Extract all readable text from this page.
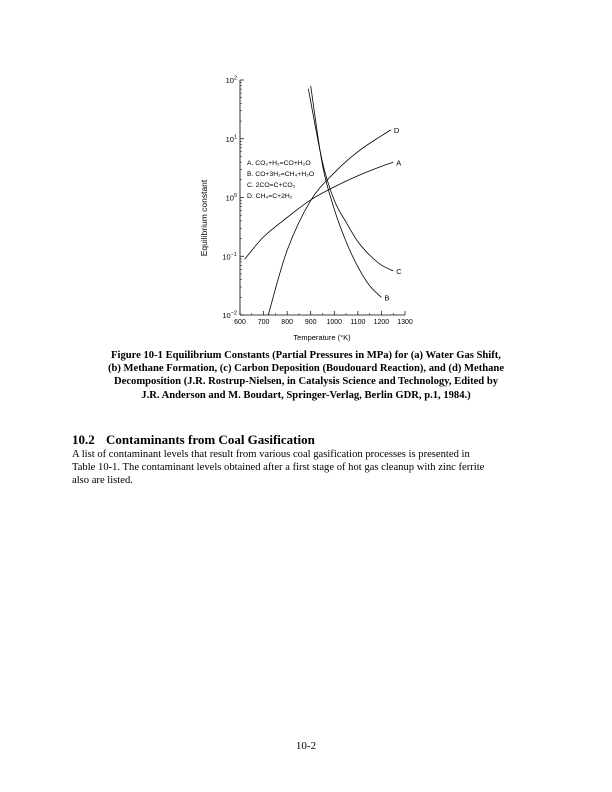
$10^2$
$10^1$
$10^0$
$10^{-1}$
$10^{-2}$
600 700 800 900 1000 1100 1200 1300
A
B
C
D
A. CO₂+H₂=CO+H₂O
B. CO+3H₂=CH₄+H₂O
C. 2CO=C+CO₂
D. CH₄=C+2H₂
Equilibrium constant
Temperature (°K)
Figure 10-1 Equilibrium Constants (Partial Pressures in MPa) for (a) Water Gas Shift,
(b) Methane Formation, (c) Carbon Deposition (Boudouard Reaction), and (d) Methane
Decomposition (J.R. Rostrup-Nielsen, in Catalysis Science and Technology, Edited by
J.R. Anderson and M. Boudart, Springer-Verlag, Berlin GDR, p.1, 1984.)
10.2 Contaminants from Coal Gasification
A list of contaminant levels that result from various coal gasification processes is presented in
Table 10-1. The contaminant levels obtained after a first stage of hot gas cleanup with zinc ferrite
also are listed.
10-2
